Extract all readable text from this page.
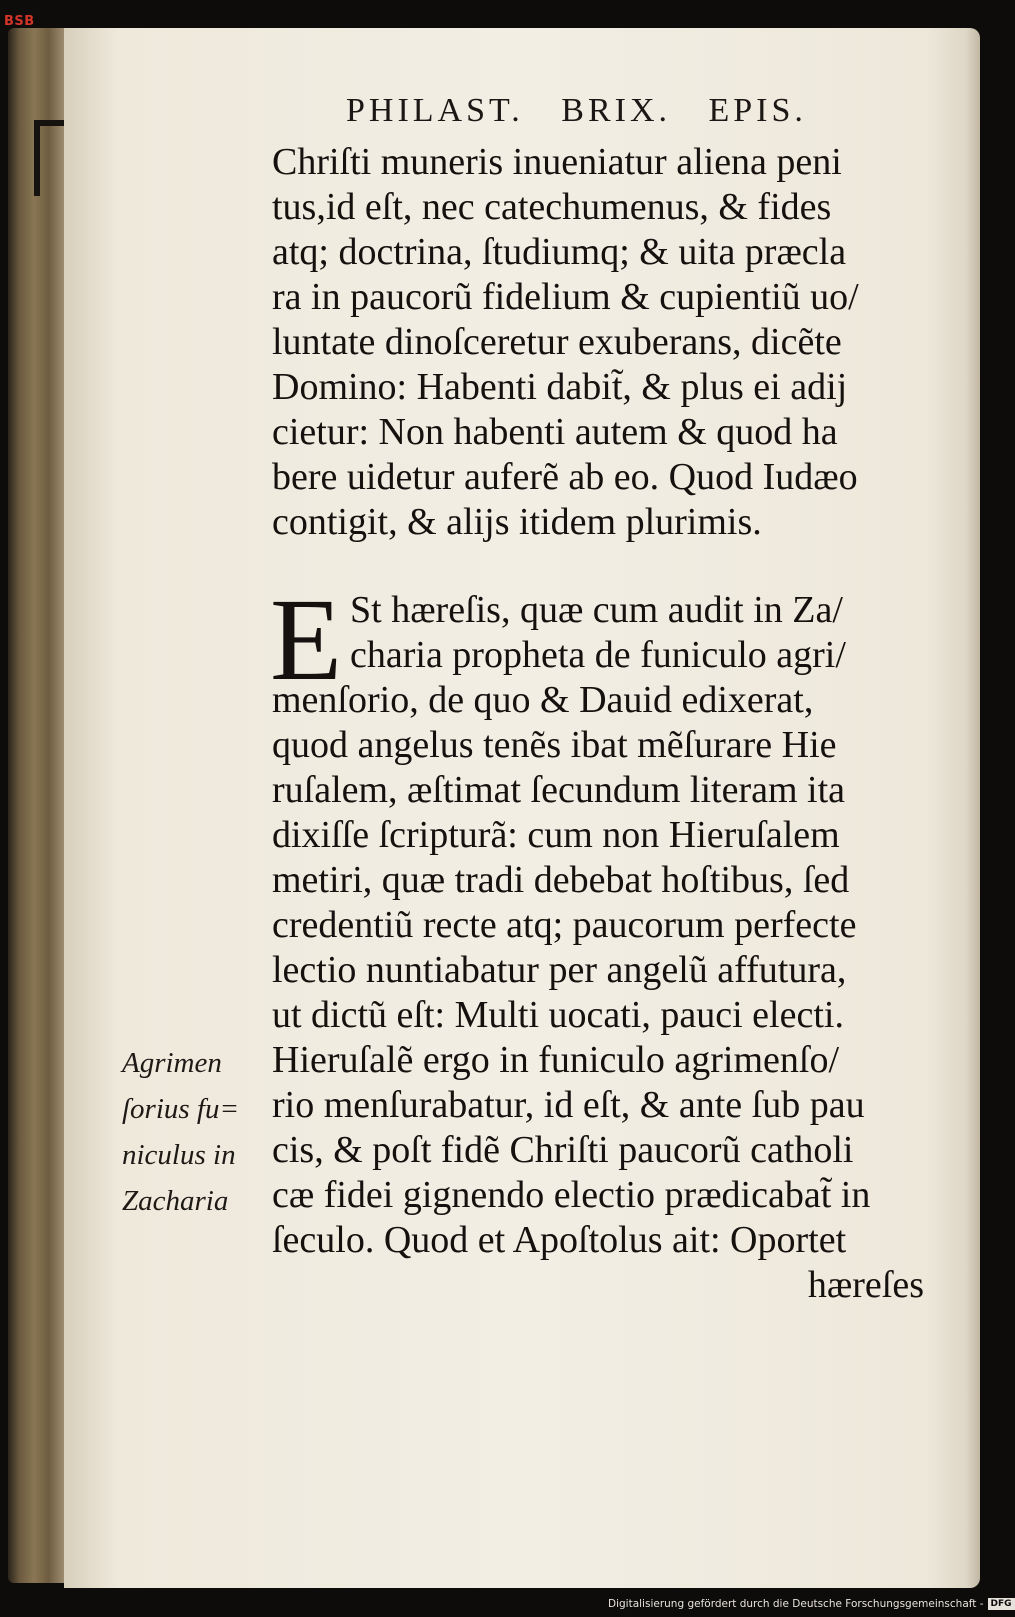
BSB
PHILAST.   BRIX.   EPIS.
Chriſti muneris inueniatur aliena peni
tus,id eſt, nec catechumenus, & fides
atq; doctrina, ſtudiumq; & uita præcla
ra in paucorũ fidelium & cupientiũ uo/
luntate dinoſceretur exuberans, dicẽte
Domino: Habenti dabit̃, & plus ei adij
cietur: Non habenti autem & quod ha
bere uidetur auferẽ ab eo. Quod Iudæo
contigit, & alijs itidem plurimis.
E St hæreſis, quæ cum audit in Za/
charia propheta de funiculo agri/
menſorio, de quo & Dauid edixerat,
quod angelus tenẽs ibat mẽſurare Hie
ruſalem, æſtimat ſecundum literam ita
dixiſſe ſcripturã: cum non Hieruſalem
metiri, quæ tradi debebat hoſtibus, ſed
credentiũ recte atq; paucorum perfecte
lectio nuntiabatur per angelũ affutura,
ut dictũ eſt: Multi uocati, pauci electi.
Hieruſalẽ ergo in funiculo agrimenſo/
rio menſurabatur, id eſt, & ante ſub pau
cis, & poſt fidẽ Chriſti paucorũ catholi
cæ fidei gignendo electio prædicabat̃ in
ſeculo. Quod et Apoſtolus ait: Oportet
hæreſes
Agrimen
ſorius fu=
niculus in
Zacharia
Digitalisierung gefördert durch die Deutsche Forschungsgemeinschaft - DFG
